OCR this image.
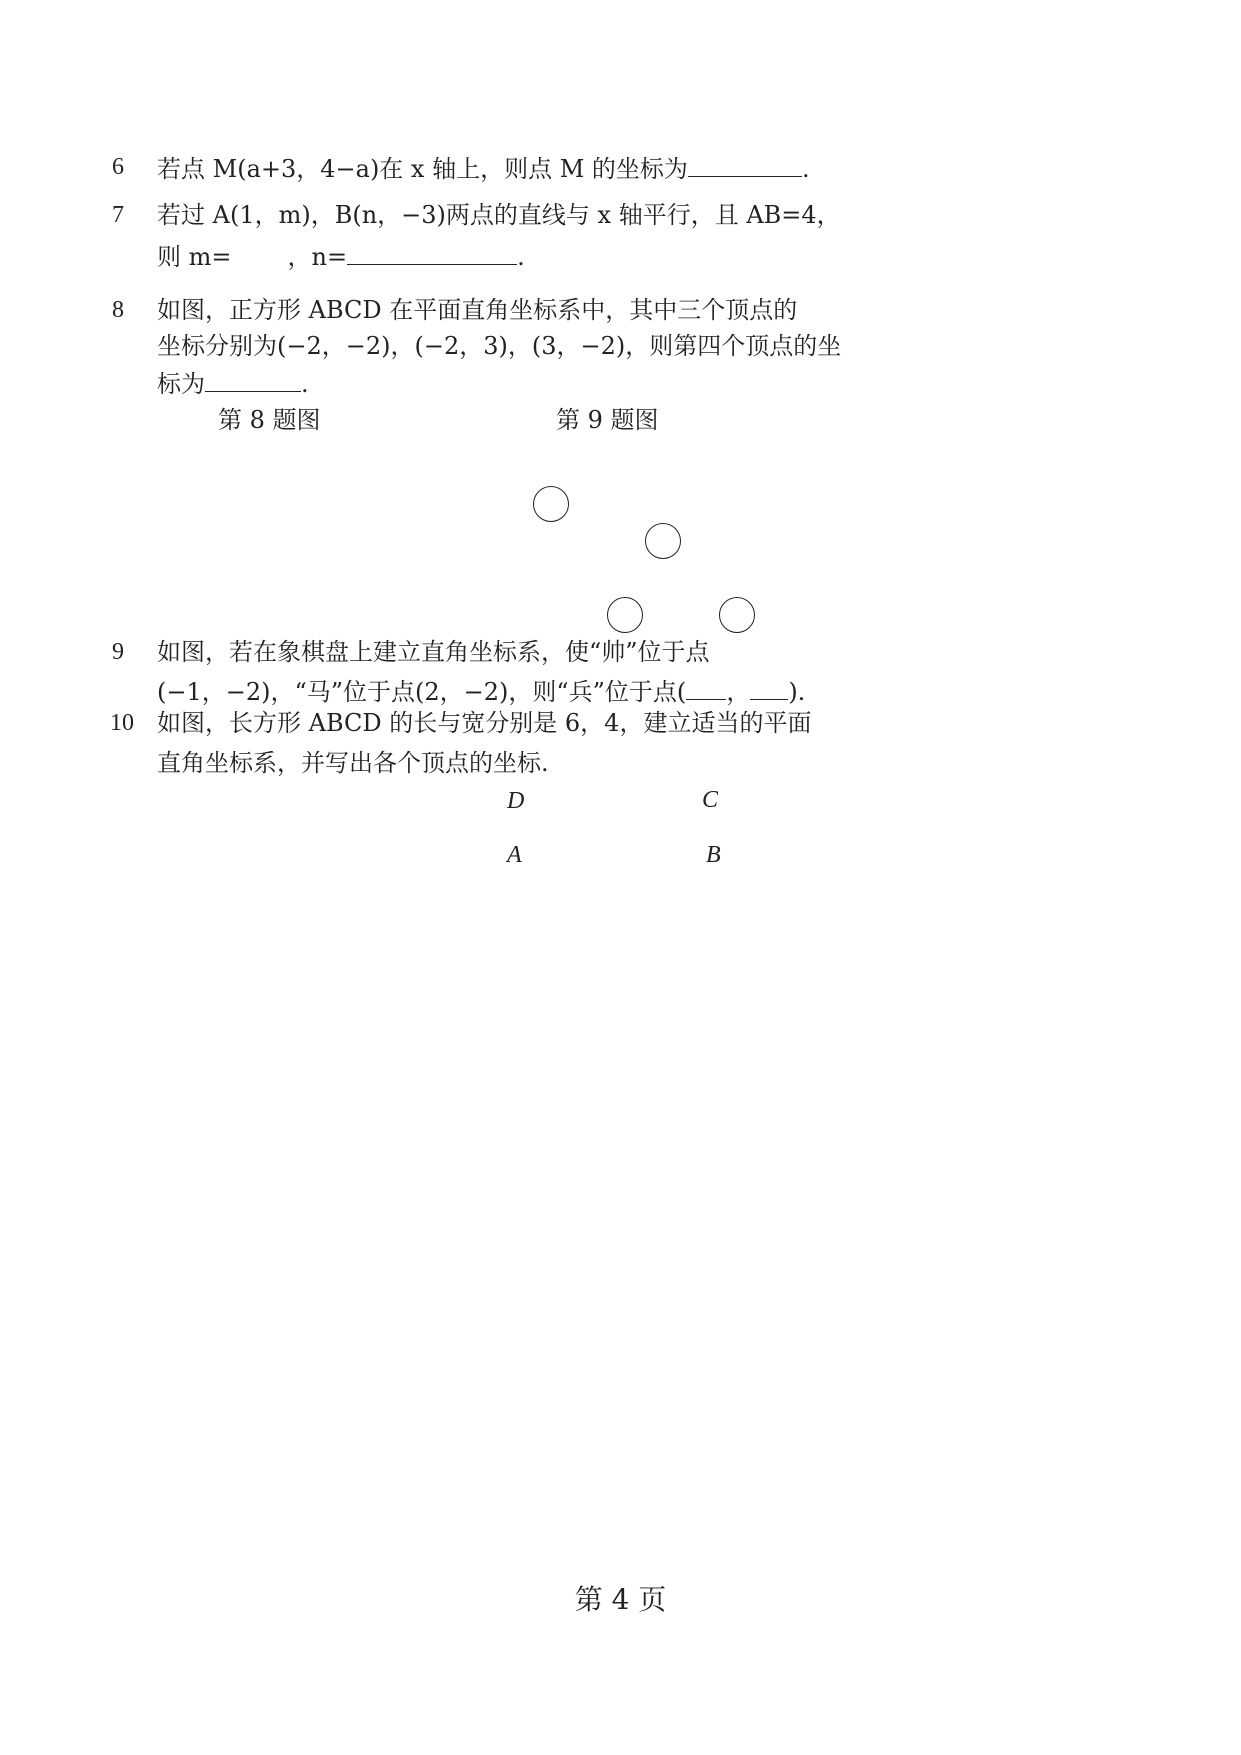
6 若点 M(a+3，4−a)在 x 轴上，则点 M 的坐标为	.
7 若过 A(1，m)，B(n，−3)两点的直线与 x 轴平行，且 AB=4，
则 m= ，n=	.
8 如图，正方形 ABCD 在平面直角坐标系中，其中三个顶点的
坐标分别为(−2，−2)，(−2，3)，(3，−2)，则第四个顶点的坐
标为	.
第 8 题图	第 9 题图
9 如图，若在象棋盘上建立直角坐标系，使“帅”位于点
(−1，−2)，“马”位于点(2，−2)，则“兵”位于点( ， ).
10 如图，长方形 ABCD 的长与宽分别是 6，4，建立适当的平面
直角坐标系，并写出各个顶点的坐标.
D	C
A	B
第 4 页
